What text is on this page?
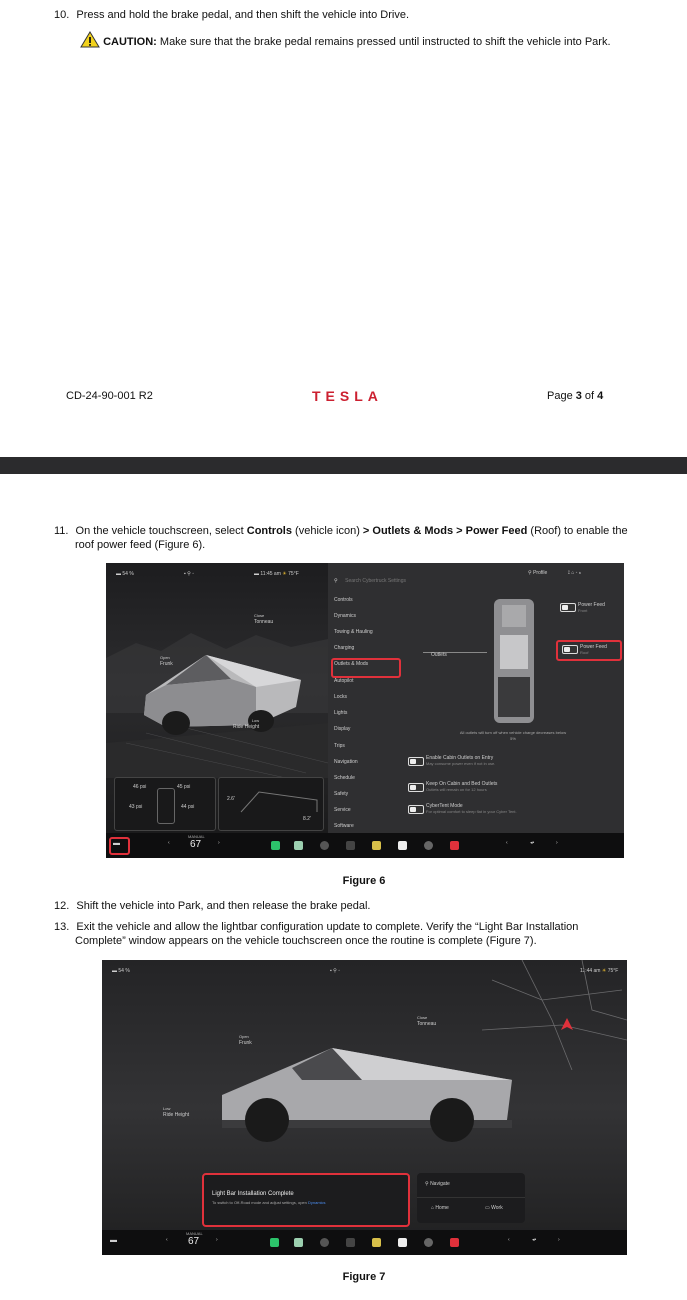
10. Press and hold the brake pedal, and then shift the vehicle into Drive.
CAUTION: Make sure that the brake pedal remains pressed until instructed to shift the vehicle into Park.
CD-24-90-001 R2	TESLA	Page 3 of 4
11. On the vehicle touchscreen, select Controls (vehicle icon) > Outlets & Mods > Power Feed (Roof) to enable the
roof power feed (Figure 6).
▬ 54 %	▪ ⚲ ◦	▬ 11:45 am ☀ 75°F
Close
Tonneau
Open
Frunk
Low
Ride Height
46 psi	45 psi
43 psi	44 psi
2.6'
8.2'
⚲ Search Cybertruck Settings
⚲ Profile	⟟ ⌂ ◦ ▴
Controls
Dynamics
Towing & Hauling
Charging
Outlets & Mods
Autopilot
Locks
Lights
Display
Trips
Navigation
Schedule
Safety
Service
Software
Outlets
Power Feed
Front
Power Feed
Roof
All outlets will turn off when vehicle charge decreases below 5%
Enable Cabin Outlets on Entry
May consume power even if not in use.
Keep On Cabin and Bed Outlets
Outlets will remain on for 12 hours
CyberTent Mode
For optimal comfort to sleep flat in your Cyber Tent.
▬	‹
MANUAL
67	›	‹	◂•	›
Figure 6
12. Shift the vehicle into Park, and then release the brake pedal.
13. Exit the vehicle and allow the lightbar configuration update to complete. Verify the “Light Bar Installation
Complete” window appears on the vehicle touchscreen once the routine is complete (Figure 7).
▬ 54 %	▪ ⚲ ◦	11:44 am ☀ 75°F
Close
Tonneau
Open
Frunk
Low
Ride Height
Light Bar Installation Complete
To switch to Off-Road mode and adjust settings, open Dynamics
⚲ Navigate
⌂ Home	▭ Work
▬	‹
MANUAL
67	›	‹	◂•	›
Figure 7
